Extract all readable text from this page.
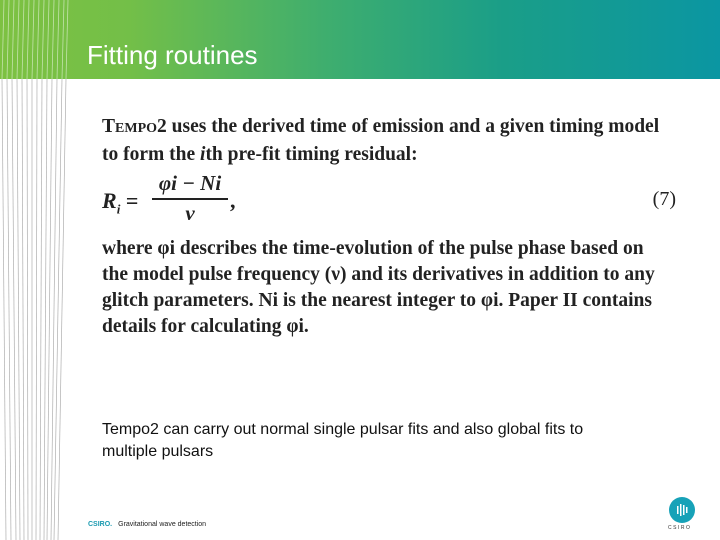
Fitting routines
TEMPO2 uses the derived time of emission and a given timing model
to form the ith pre-fit timing residual:
$R_i = \frac{\varphi i - Ni}{\nu}$ ,	(7)
where φi describes the time-evolution of the pulse phase based on
the model pulse frequency (ν) and its derivatives in addition to any
glitch parameters. Ni is the nearest integer to φi. Paper II contains
details for calculating φi.
Tempo2 can carry out normal single pulsar fits and also global fits to
multiple pulsars
CSIRO. Gravitational wave detection	CSIRO
